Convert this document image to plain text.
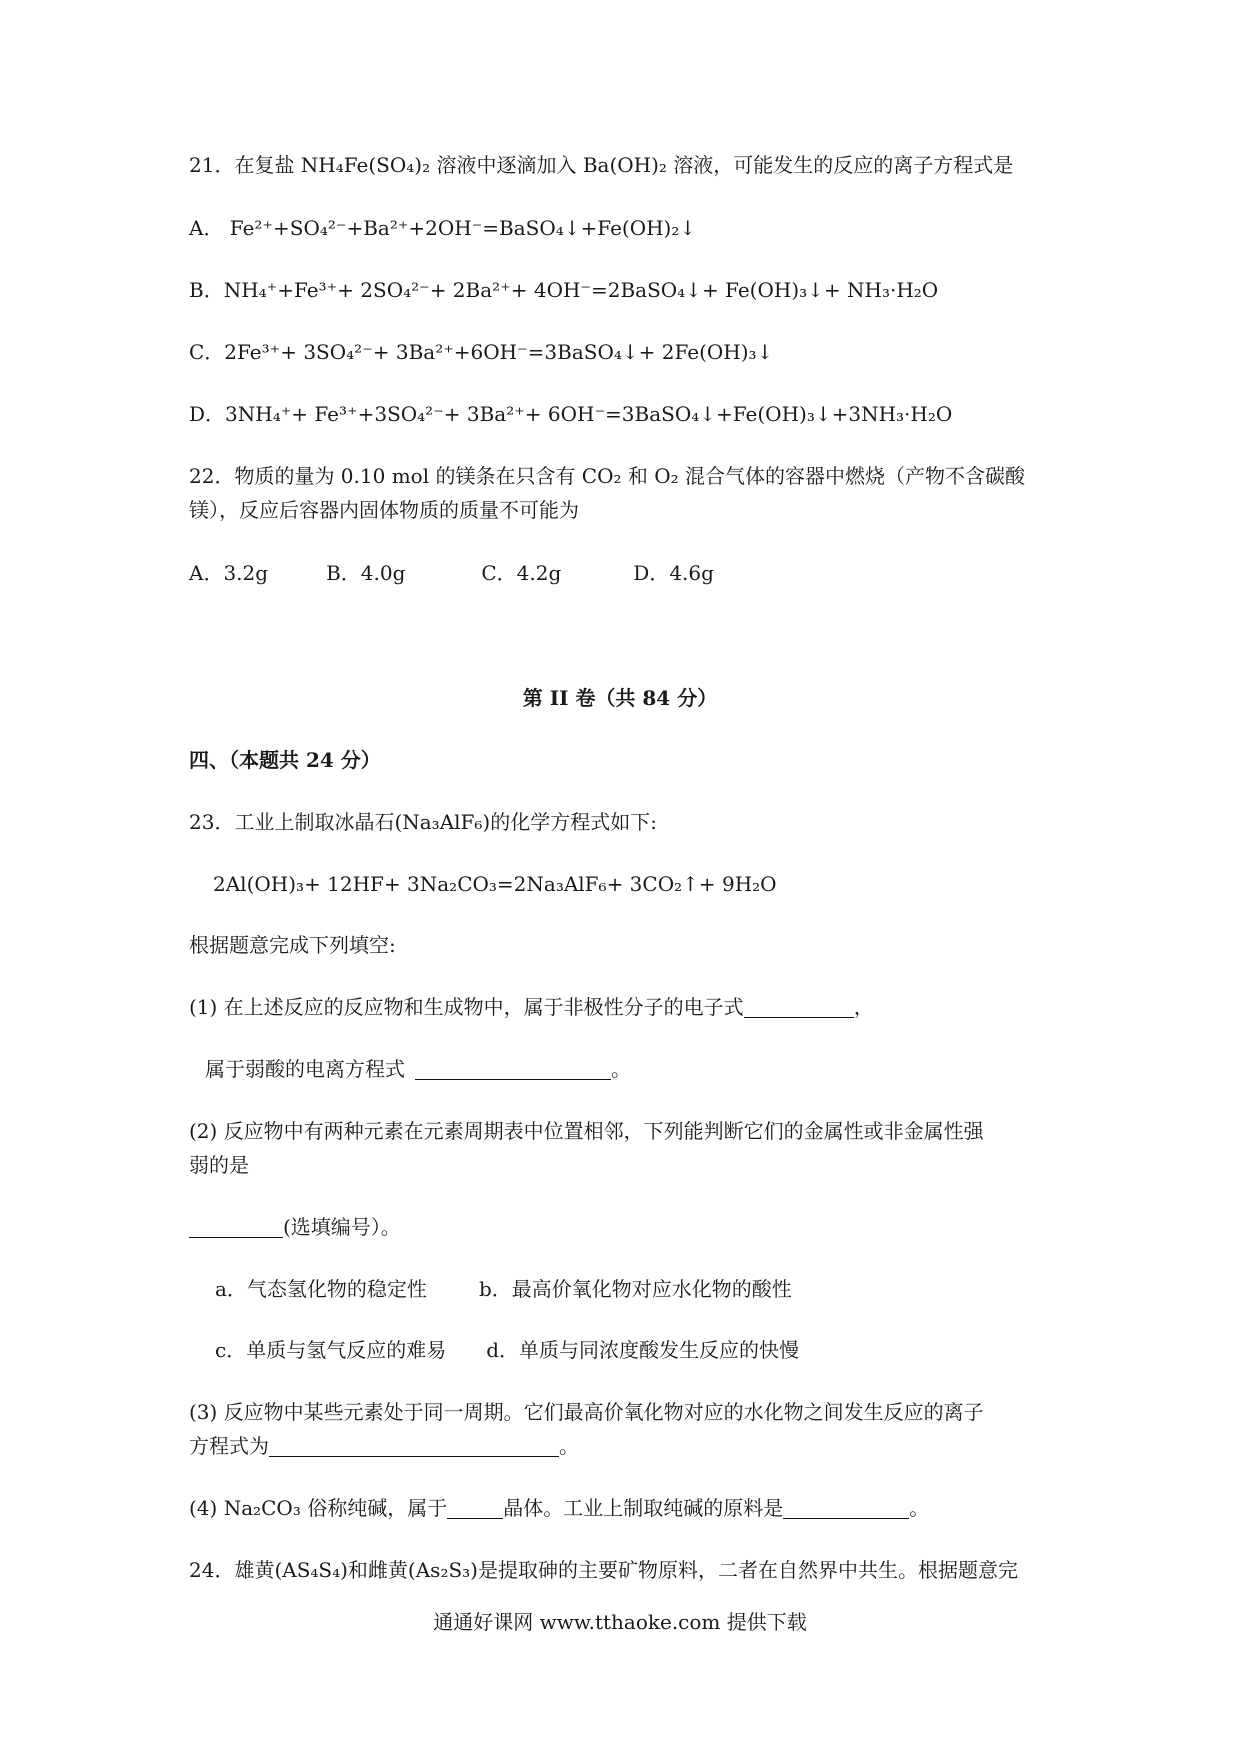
21．在复盐 NH₄Fe(SO₄)₂ 溶液中逐滴加入 Ba(OH)₂ 溶液，可能发生的反应的离子方程式是
A． Fe²⁺+SO₄²⁻+Ba²⁺+2OH⁻=BaSO₄↓+Fe(OH)₂↓
B．NH₄⁺+Fe³⁺+ 2SO₄²⁻+ 2Ba²⁺+ 4OH⁻=2BaSO₄↓+ Fe(OH)₃↓+ NH₃·H₂O
C．2Fe³⁺+ 3SO₄²⁻+ 3Ba²⁺+6OH⁻=3BaSO₄↓+ 2Fe(OH)₃↓
D．3NH₄⁺+ Fe³⁺+3SO₄²⁻+ 3Ba²⁺+ 6OH⁻=3BaSO₄↓+Fe(OH)₃↓+3NH₃·H₂O
22．物质的量为 0.10 mol 的镁条在只含有 CO₂ 和 O₂ 混合气体的容器中燃烧（产物不含碳酸
镁），反应后容器内固体物质的质量不可能为
A．3.2g	B．4.0g	C．4.2g	D．4.6g
第 II 卷（共 84 分）
四、（本题共 24 分）
23．工业上制取冰晶石(Na₃AlF₆)的化学方程式如下:
2Al(OH)₃+ 12HF+ 3Na₂CO₃=2Na₃AlF₆+ 3CO₂↑+ 9H₂O
根据题意完成下列填空:
(1) 在上述反应的反应物和生成物中，属于非极性分子的电子式	，
属于弱酸的电离方程式	。
(2) 反应物中有两种元素在元素周期表中位置相邻，下列能判断它们的金属性或非金属性强
弱的是
(选填编号）。
a．气态氢化物的稳定性	b．最高价氧化物对应水化物的酸性
c．单质与氢气反应的难易 d．单质与同浓度酸发生反应的快慢
(3) 反应物中某些元素处于同一周期。它们最高价氧化物对应的水化物之间发生反应的离子
方程式为	。
(4) Na₂CO₃ 俗称纯碱，属于	晶体。工业上制取纯碱的原料是	。
24．雄黄(AS₄S₄)和雌黄(As₂S₃)是提取砷的主要矿物原料，二者在自然界中共生。根据题意完
通通好课网 www.tthaoke.com 提供下载
